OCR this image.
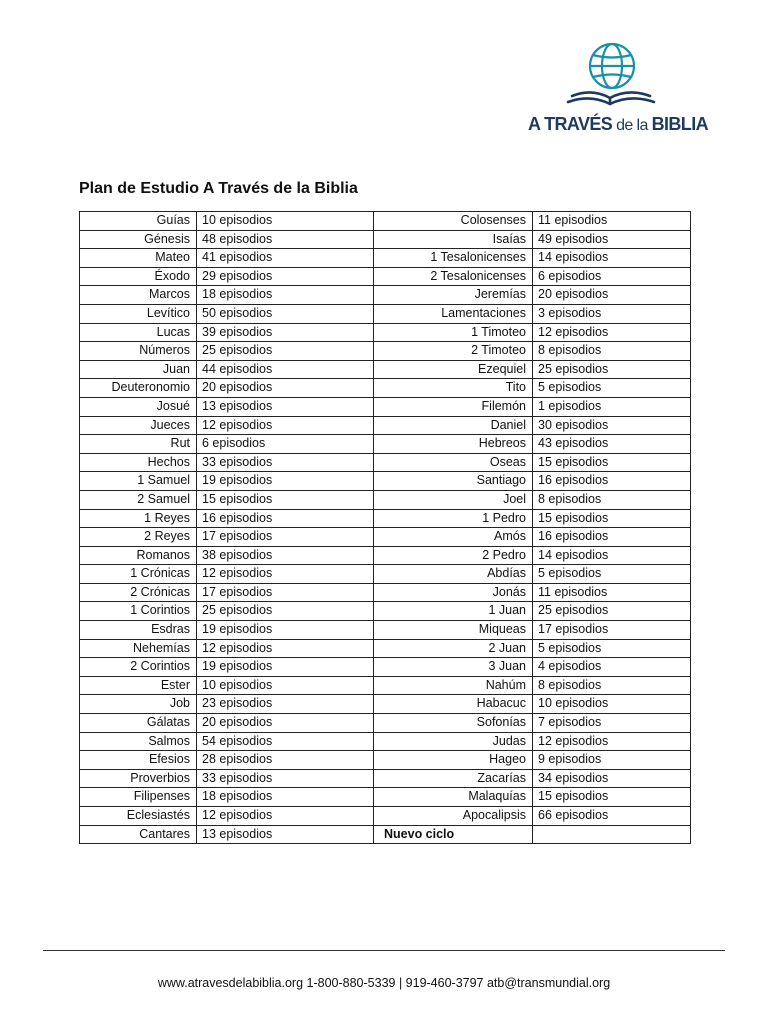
A TRAVÉS de la BIBLIA
Plan de Estudio A Través de la Biblia
Guías	10 episodios	Colosenses	11 episodios
Génesis	48 episodios	Isaías	49 episodios
Mateo	41 episodios	1 Tesalonicenses	14 episodios
Éxodo	29 episodios	2 Tesalonicenses	6 episodios
Marcos	18 episodios	Jeremías	20 episodios
Levítico	50 episodios	Lamentaciones	3 episodios
Lucas	39 episodios	1 Timoteo	12 episodios
Números	25 episodios	2 Timoteo	8 episodios
Juan	44 episodios	Ezequiel	25 episodios
Deuteronomio	20 episodios	Tito	5 episodios
Josué	13 episodios	Filemón	1 episodios
Jueces	12 episodios	Daniel	30 episodios
Rut	6 episodios	Hebreos	43 episodios
Hechos	33 episodios	Oseas	15 episodios
1 Samuel	19 episodios	Santiago	16 episodios
2 Samuel	15 episodios	Joel	8 episodios
1 Reyes	16 episodios	1 Pedro	15 episodios
2 Reyes	17 episodios	Amós	16 episodios
Romanos	38 episodios	2 Pedro	14 episodios
1 Crónicas	12 episodios	Abdías	5 episodios
2 Crónicas	17 episodios	Jonás	11 episodios
1 Corintios	25 episodios	1 Juan	25 episodios
Esdras	19 episodios	Miqueas	17 episodios
Nehemías	12 episodios	2 Juan	5 episodios
2 Corintios	19 episodios	3 Juan	4 episodios
Ester	10 episodios	Nahúm	8 episodios
Job	23 episodios	Habacuc	10 episodios
Gálatas	20 episodios	Sofonías	7 episodios
Salmos	54 episodios	Judas	12 episodios
Efesios	28 episodios	Hageo	9 episodios
Proverbios	33 episodios	Zacarías	34 episodios
Filipenses	18 episodios	Malaquías	15 episodios
Eclesiastés	12 episodios	Apocalipsis	66 episodios
Cantares	13 episodios	Nuevo ciclo	
www.atravesdelabiblia.org 1-800-880-5339 | 919-460-3797 atb@transmundial.org
